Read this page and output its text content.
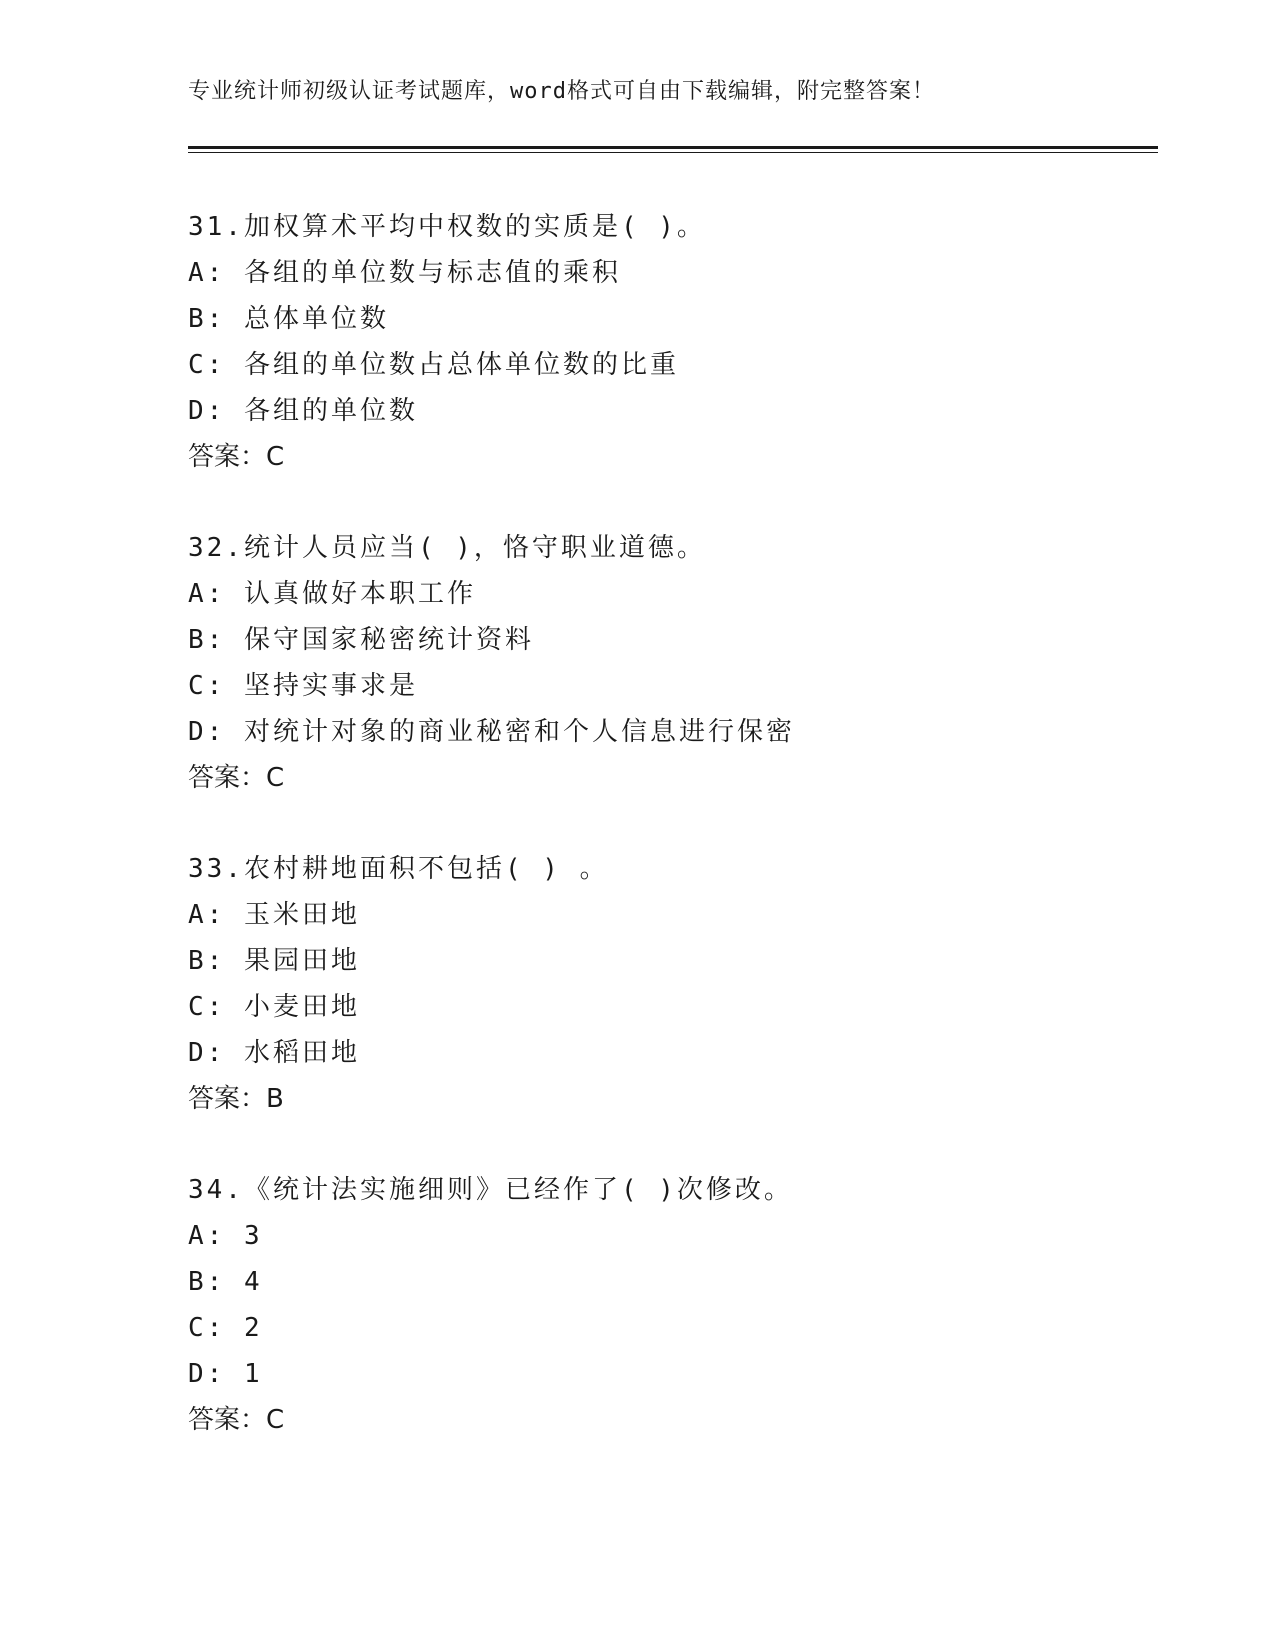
专业统计师初级认证考试题库，word格式可自由下载编辑，附完整答案！
31.加权算术平均中权数的实质是( )。
A: 各组的单位数与标志值的乘积
B: 总体单位数
C: 各组的单位数占总体单位数的比重
D: 各组的单位数
答案：C
32.统计人员应当( )，恪守职业道德。
A: 认真做好本职工作
B: 保守国家秘密统计资料
C: 坚持实事求是
D: 对统计对象的商业秘密和个人信息进行保密
答案：C
33.农村耕地面积不包括( ) 。
A: 玉米田地
B: 果园田地
C: 小麦田地
D: 水稻田地
答案：B
34.《统计法实施细则》已经作了( )次修改。
A: 3
B: 4
C: 2
D: 1
答案：C
